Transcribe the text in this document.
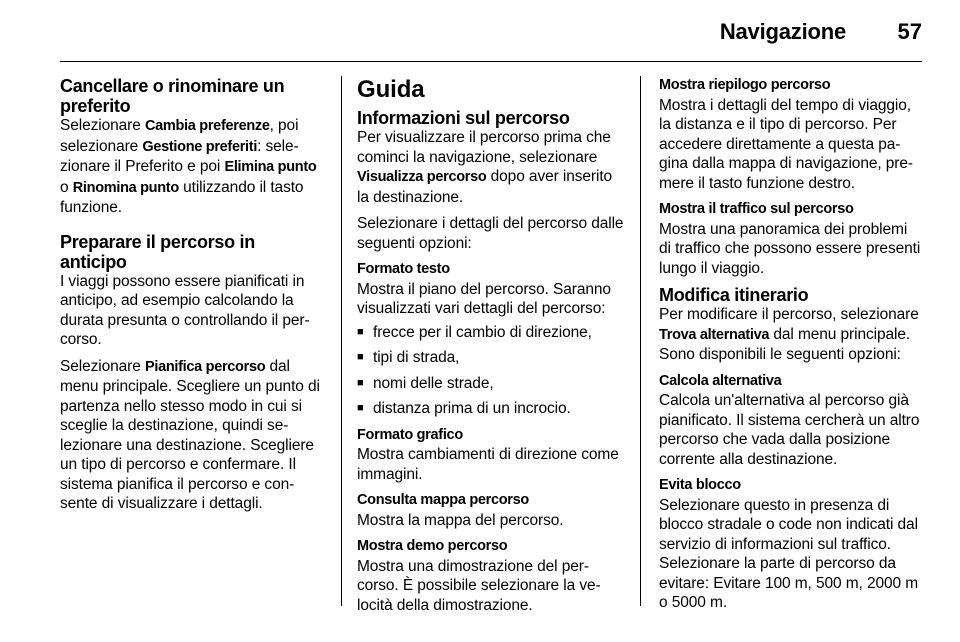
Navigazione 57
Cancellare o rinominare un preferito

Selezionare Cambia preferenze, poi selezionare Gestione preferiti: selezionare il Preferito e poi Elimina punto o Rinomina punto utilizzando il tasto funzione.

Preparare il percorso in anticipo

I viaggi possono essere pianificati in anticipo, ad esempio calcolando la durata presunta o controllando il percorso.

Selezionare Pianifica percorso dal menu principale. Scegliere un punto di partenza nello stesso modo in cui si sceglie la destinazione, quindi selezionare una destinazione. Scegliere un tipo di percorso e confermare. Il sistema pianifica il percorso e consente di visualizzare i dettagli.

Guida
Informazioni sul percorso

Per visualizzare il percorso prima che cominci la navigazione, selezionare Visualizza percorso dopo aver inserito la destinazione.

Selezionare i dettagli del percorso dalle seguenti opzioni:

Formato testo
Mostra il piano del percorso. Saranno visualizzati vari dettagli del percorso:
■ frecce per il cambio di direzione,
■ tipi di strada,
■ nomi delle strade,
■ distanza prima di un incrocio.
Formato grafico

Mostra cambiamenti di direzione come immagini.

Consulta mappa percorso

Mostra la mappa del percorso.

Mostra demo percorso

Mostra una dimostrazione del percorso. È possibile selezionare la velocità della dimostrazione.

Mostra riepilogo percorso

Mostra i dettagli del tempo di viaggio, la distanza e il tipo di percorso. Per accedere direttamente a questa pagina dalla mappa di navigazione, premere il tasto funzione destro.

Mostra il traffico sul percorso

Mostra una panoramica dei problemi di traffico che possono essere presenti lungo il viaggio.

Modifica itinerario

Per modificare il percorso, selezionare Trova alternativa dal menu principale. Sono disponibili le seguenti opzioni:

Calcola alternativa

Calcola un'alternativa al percorso già pianificato. Il sistema cercherà un altro percorso che vada dalla posizione corrente alla destinazione.

Evita blocco

Selezionare questo in presenza di blocco stradale o code non indicati dal servizio di informazioni sul traffico. Selezionare la parte di percorso da evitare: Evitare 100 m, 500 m, 2000 m o 5000 m.
